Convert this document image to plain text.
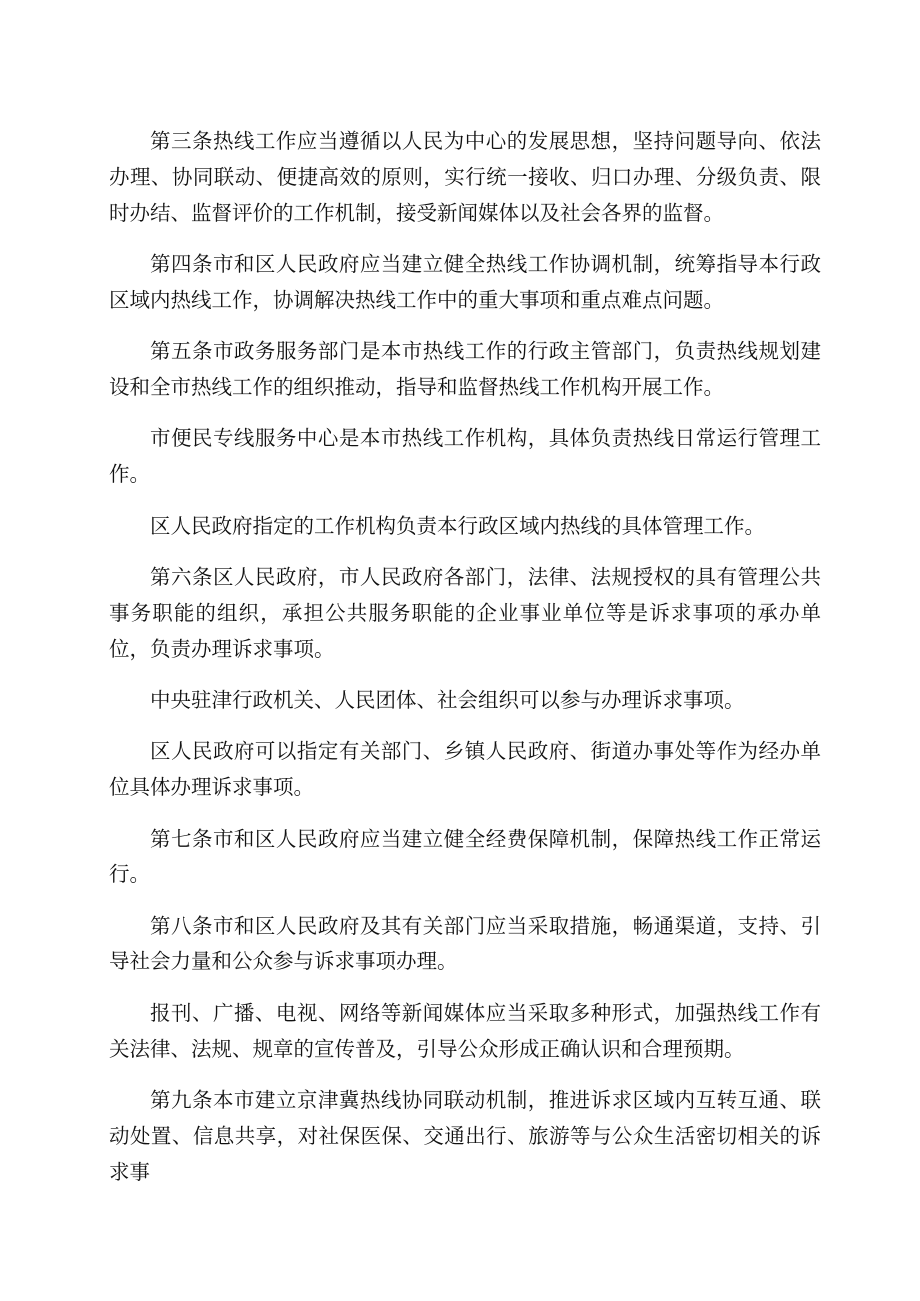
第三条热线工作应当遵循以人民为中心的发展思想，坚持问题导向、依法办理、协同联动、便捷高效的原则，实行统一接收、归口办理、分级负责、限时办结、监督评价的工作机制，接受新闻媒体以及社会各界的监督。

第四条市和区人民政府应当建立健全热线工作协调机制，统筹指导本行政区域内热线工作，协调解决热线工作中的重大事项和重点难点问题。

第五条市政务服务部门是本市热线工作的行政主管部门，负责热线规划建设和全市热线工作的组织推动，指导和监督热线工作机构开展工作。

市便民专线服务中心是本市热线工作机构，具体负责热线日常运行管理工作。

区人民政府指定的工作机构负责本行政区域内热线的具体管理工作。

第六条区人民政府，市人民政府各部门，法律、法规授权的具有管理公共事务职能的组织，承担公共服务职能的企业事业单位等是诉求事项的承办单位，负责办理诉求事项。

中央驻津行政机关、人民团体、社会组织可以参与办理诉求事项。

区人民政府可以指定有关部门、乡镇人民政府、街道办事处等作为经办单位具体办理诉求事项。

第七条市和区人民政府应当建立健全经费保障机制，保障热线工作正常运行。

第八条市和区人民政府及其有关部门应当采取措施，畅通渠道，支持、引导社会力量和公众参与诉求事项办理。

报刊、广播、电视、网络等新闻媒体应当采取多种形式，加强热线工作有关法律、法规、规章的宣传普及，引导公众形成正确认识和合理预期。

第九条本市建立京津冀热线协同联动机制，推进诉求区域内互转互通、联动处置、信息共享，对社保医保、交通出行、旅游等与公众生活密切相关的诉求事
